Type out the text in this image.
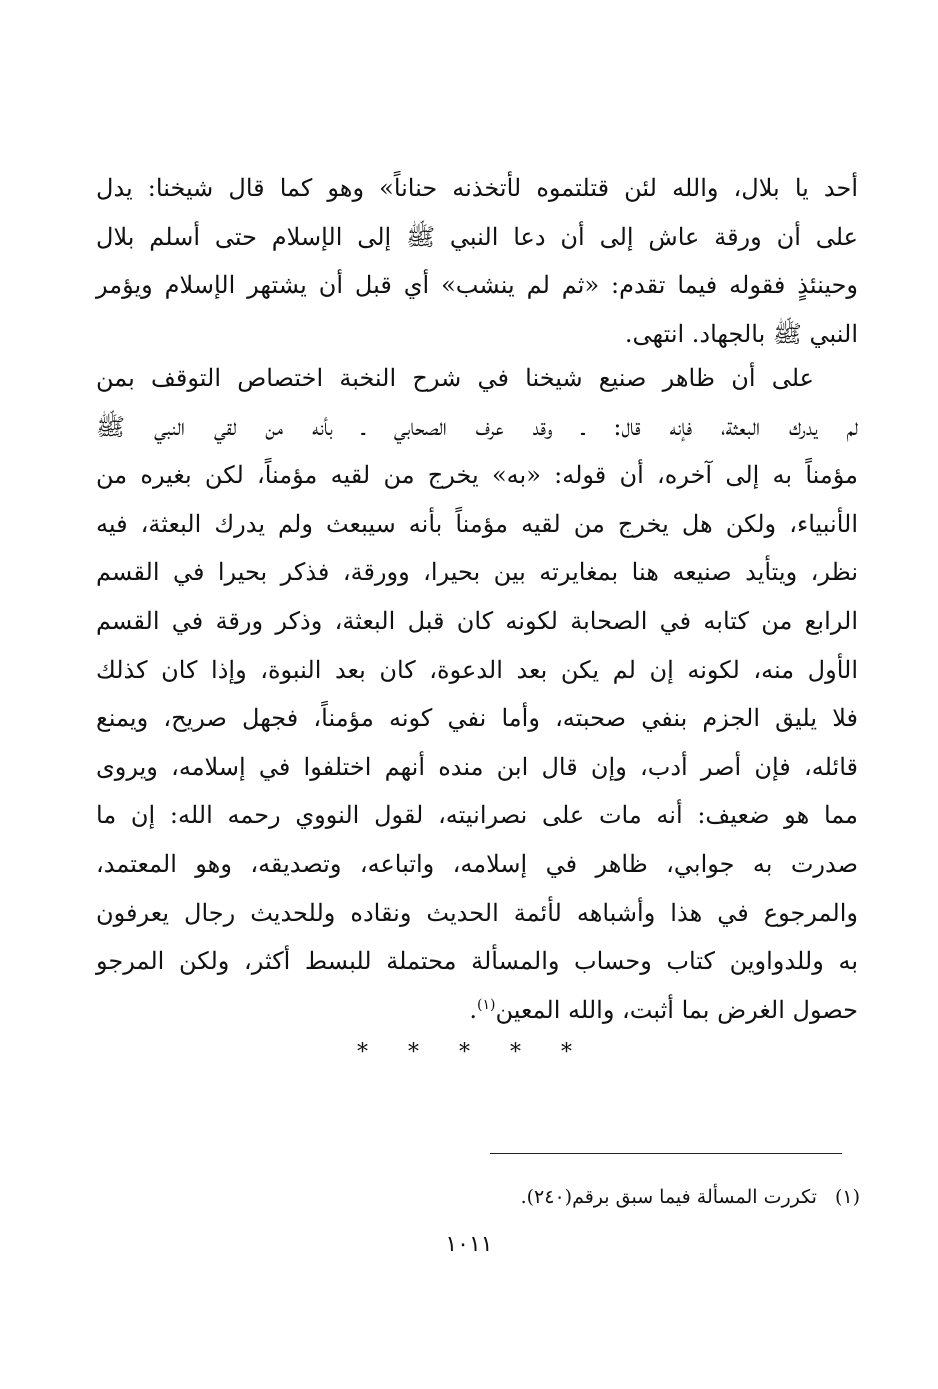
أحد يا بلال، والله لئن قتلتموه لأتخذنه حناناً» وهو كما قال شيخنا: يدل
على أن ورقة عاش إلى أن دعا النبي ﷺ إلى الإسلام حتى أسلم بلال
وحينئذٍ فقوله فيما تقدم: «ثم لم ينشب» أي قبل أن يشتهر الإسلام ويؤمر
النبي ﷺ بالجهاد. انتهى.
على أن ظاهر صنيع شيخنا في شرح النخبة اختصاص التوقف بمن
لم يدرك البعثة، فإنه قال: ـ وقد عرف الصحابي ـ بأنه من لقي النبي ﷺ
مؤمناً به إلى آخره، أن قوله: «به» يخرج من لقيه مؤمناً، لكن بغيره من
الأنبياء، ولكن هل يخرج من لقيه مؤمناً بأنه سيبعث ولم يدرك البعثة، فيه
نظر، ويتأيد صنيعه هنا بمغايرته بين بحيرا، وورقة، فذكر بحيرا في القسم
الرابع من كتابه في الصحابة لكونه كان قبل البعثة، وذكر ورقة في القسم
الأول منه، لكونه إن لم يكن بعد الدعوة، كان بعد النبوة، وإذا كان كذلك
فلا يليق الجزم بنفي صحبته، وأما نفي كونه مؤمناً، فجهل صريح، ويمنع
قائله، فإن أصر أدب، وإن قال ابن منده أنهم اختلفوا في إسلامه، ويروى
مما هو ضعيف: أنه مات على نصرانيته، لقول النووي رحمه الله: إن ما
صدرت به جوابي، ظاهر في إسلامه، واتباعه، وتصديقه، وهو المعتمد،
والمرجوع في هذا وأشباهه لأئمة الحديث ونقاده وللحديث رجال يعرفون
به وللدواوين كتاب وحساب والمسألة محتملة للبسط أكثر، ولكن المرجو
حصول الغرض بما أثبت، والله المعين$^{(١)}$.
* * * * *
(١)تكررت المسألة فيما سبق برقم(٢٤٠).
١٠١١
